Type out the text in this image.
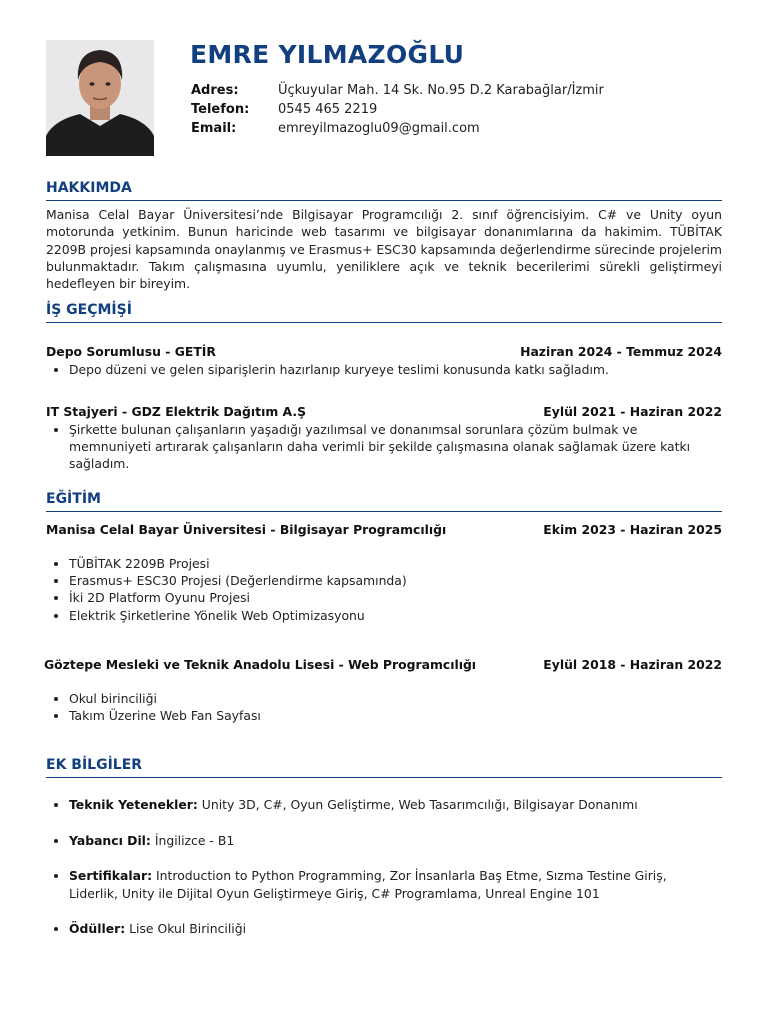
EMRE YILMAZOĞLU
Adres:	Üçkuyular Mah. 14 Sk. No.95 D.2 Karabağlar/İzmir
Telefon:	0545 465 2219
Email:	emreyilmazoglu09@gmail.com
HAKKIMDA

Manisa Celal Bayar Üniversitesi’nde Bilgisayar Programcılığı 2. sınıf öğrencisiyim. C# ve Unity oyun motorunda yetkinim. Bunun haricinde web tasarımı ve bilgisayar donanımlarına da hakimim. TÜBİTAK 2209B projesi kapsamında onaylanmış ve Erasmus+ ESC30 kapsamında değerlendirme sürecinde projelerim bulunmaktadır. Takım çalışmasına uyumlu, yeniliklere açık ve teknik becerilerimi sürekli geliştirmeyi hedefleyen bir bireyim.

İŞ GEÇMİŞİ
Depo Sorumlusu - GETİR	Haziran 2024 - Temmuz 2024
• Depo düzeni ve gelen siparişlerin hazırlanıp kuryeye teslimi konusunda katkı sağladım.
IT Stajyeri - GDZ Elektrik Dağıtım A.Ş	Eylül 2021 - Haziran 2022
• Şirkette bulunan çalışanların yaşadığı yazılımsal ve donanımsal sorunlara çözüm bulmak ve memnuniyeti artırarak çalışanların daha verimli bir şekilde çalışmasına olanak sağlamak üzere katkı sağladım.
EĞİTİM
Manisa Celal Bayar Üniversitesi - Bilgisayar Programcılığı	Ekim 2023 - Haziran 2025
• TÜBİTAK 2209B Projesi
• Erasmus+ ESC30 Projesi (Değerlendirme kapsamında)
• İki 2D Platform Oyunu Projesi
• Elektrik Şirketlerine Yönelik Web Optimizasyonu
Göztepe Mesleki ve Teknik Anadolu Lisesi - Web Programcılığı	Eylül 2018 - Haziran 2022
• Okul birinciliği
• Takım Üzerine Web Fan Sayfası
EK BİLGİLER
• Teknik Yetenekler: Unity 3D, C#, Oyun Geliştirme, Web Tasarımcılığı, Bilgisayar Donanımı
• Yabancı Dil: İngilizce - B1
• Sertifikalar: Introduction to Python Programming, Zor İnsanlarla Baş Etme, Sızma Testine Giriş, Liderlik, Unity ile Dijital Oyun Geliştirmeye Giriş, C# Programlama, Unreal Engine 101
• Ödüller: Lise Okul Birinciliği
